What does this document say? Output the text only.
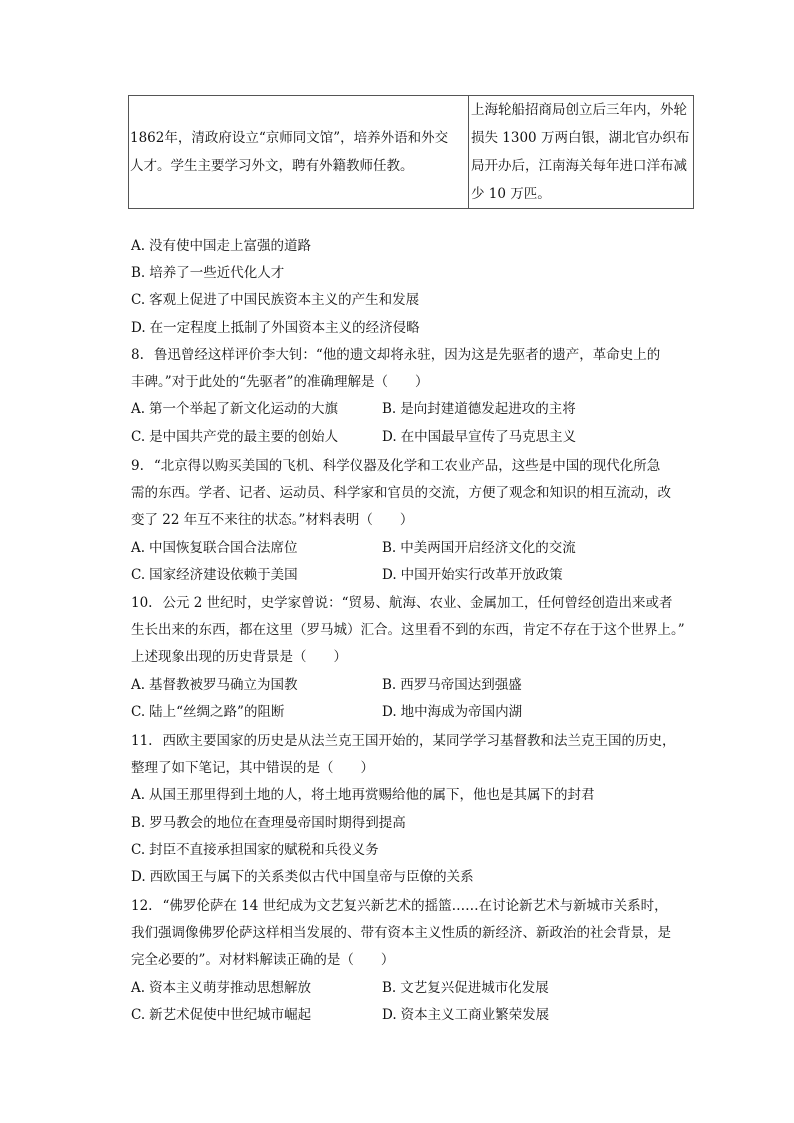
1862年，清政府设立“京师同文馆”，培养外语和外交
人才。学生主要学习外文，聘有外籍教师任教。

上海轮船招商局创立后三年内，外轮
损失 1300 万两白银，湖北官办织布
局开办后，江南海关每年进口洋布减
少 10 万匹。
A. 没有使中国走上富强的道路
B. 培养了一些近代化人才
C. 客观上促进了中国民族资本主义的产生和发展
D. 在一定程度上抵制了外国资本主义的经济侵略
8. 鲁迅曾经这样评价李大钊：“他的遗文却将永驻，因为这是先驱者的遗产，革命史上的
丰碑。”对于此处的“先驱者”的准确理解是（　　）
A. 第一个举起了新文化运动的大旗	B. 是向封建道德发起进攻的主将
C. 是中国共产党的最主要的创始人	D. 在中国最早宣传了马克思主义
9. “北京得以购买美国的飞机、科学仪器及化学和工农业产品，这些是中国的现代化所急
需的东西。学者、记者、运动员、科学家和官员的交流，方便了观念和知识的相互流动，改
变了 22 年互不来往的状态。”材料表明（　　）
A. 中国恢复联合国合法席位	B. 中美两国开启经济文化的交流
C. 国家经济建设依赖于美国	D. 中国开始实行改革开放政策
10. 公元 2 世纪时，史学家曾说：“贸易、航海、农业、金属加工，任何曾经创造出来或者
生长出来的东西，都在这里（罗马城）汇合。这里看不到的东西，肯定不存在于这个世界上。”
上述现象出现的历史背景是（　　）
A. 基督教被罗马确立为国教	B. 西罗马帝国达到强盛
C. 陆上“丝绸之路”的阻断	D. 地中海成为帝国内湖
11. 西欧主要国家的历史是从法兰克王国开始的，某同学学习基督教和法兰克王国的历史，
整理了如下笔记，其中错误的是（　　）
A. 从国王那里得到土地的人，将土地再赏赐给他的属下，他也是其属下的封君
B. 罗马教会的地位在查理曼帝国时期得到提高
C. 封臣不直接承担国家的赋税和兵役义务
D. 西欧国王与属下的关系类似古代中国皇帝与臣僚的关系
12. “佛罗伦萨在 14 世纪成为文艺复兴新艺术的摇篮……在讨论新艺术与新城市关系时，
我们强调像佛罗伦萨这样相当发展的、带有资本主义性质的新经济、新政治的社会背景，是
完全必要的”。对材料解读正确的是（　　）
A. 资本主义萌芽推动思想解放	B. 文艺复兴促进城市化发展
C. 新艺术促使中世纪城市崛起	D. 资本主义工商业繁荣发展
